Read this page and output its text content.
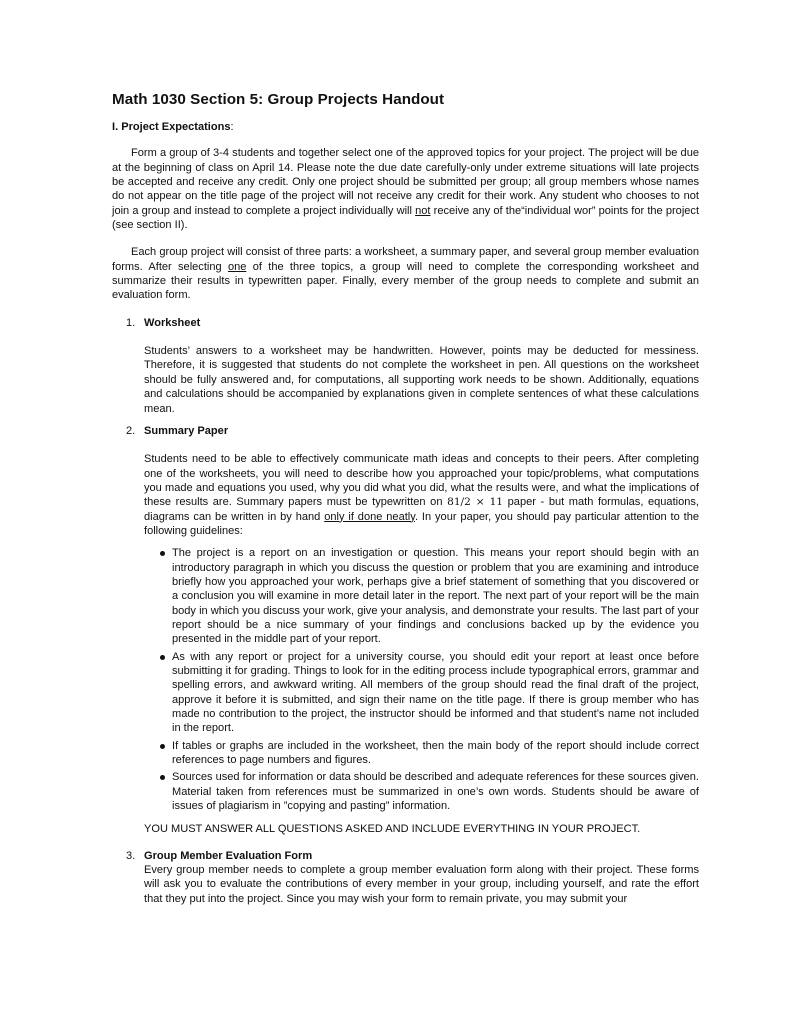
Math 1030 Section 5: Group Projects Handout
I. Project Expectations:

Form a group of 3-4 students and together select one of the approved topics for your project. The project will be due at the beginning of class on April 14. Please note the due date carefully-only under extreme situations will late projects be accepted and receive any credit. Only one project should be submitted per group; all group members whose names do not appear on the title page of the project will not receive any credit for their work. Any student who chooses to not join a group and instead to complete a project individually will not receive any of the“individual wor” points for the project (see section II).

Each group project will consist of three parts: a worksheet, a summary paper, and several group member evaluation forms. After selecting one of the three topics, a group will need to complete the corresponding worksheet and summarize their results in typewritten paper. Finally, every member of the group needs to complete and submit an evaluation form.

1. Worksheet
Students’ answers to a worksheet may be handwritten. However, points may be deducted for messiness. Therefore, it is suggested that students do not complete the worksheet in pen. All questions on the worksheet should be fully answered and, for computations, all supporting work needs to be shown. Additionally, equations and calculations should be accompanied by explanations given in complete sentences of what these calculations mean.
2. Summary Paper
Students need to be able to effectively communicate math ideas and concepts to their peers. After completing one of the worksheets, you will need to describe how you approached your topic/problems, what computations you made and equations you used, why you did what you did, what the results were, and what the implications of these results are. Summary papers must be typewritten on 81/2 × 11 paper - but math formulas, equations, diagrams can be written in by hand only if done neatly. In your paper, you should pay particular attention to the following guidelines:
The project is a report on an investigation or question. This means your report should begin with an introductory paragraph in which you discuss the question or problem that you are examining and introduce briefly how you approached your work, perhaps give a brief statement of something that you discovered or a conclusion you will examine in more detail later in the report. The next part of your report will be the main body in which you discuss your work, give your analysis, and demonstrate your results. The last part of your report should be a nice summary of your findings and conclusions backed up by the evidence you presented in the middle part of your report.
As with any report or project for a university course, you should edit your report at least once before submitting it for grading. Things to look for in the editing process include typographical errors, grammar and spelling errors, and awkward writing. All members of the group should read the final draft of the project, approve it before it is submitted, and sign their name on the title page. If there is group member who has made no contribution to the project, the instructor should be informed and that student’s name not included in the report.
If tables or graphs are included in the worksheet, then the main body of the report should include correct references to page numbers and figures.
Sources used for information or data should be described and adequate references for these sources given. Material taken from references must be summarized in one’s own words. Students should be aware of issues of plagiarism in ”copying and pasting” information.
YOU MUST ANSWER ALL QUESTIONS ASKED AND INCLUDE EVERYTHING IN YOUR PROJECT.
3. Group Member Evaluation Form
Every group member needs to complete a group member evaluation form along with their project. These forms will ask you to evaluate the contributions of every member in your group, including yourself, and rate the effort that they put into the project. Since you may wish your form to remain private, you may submit your
